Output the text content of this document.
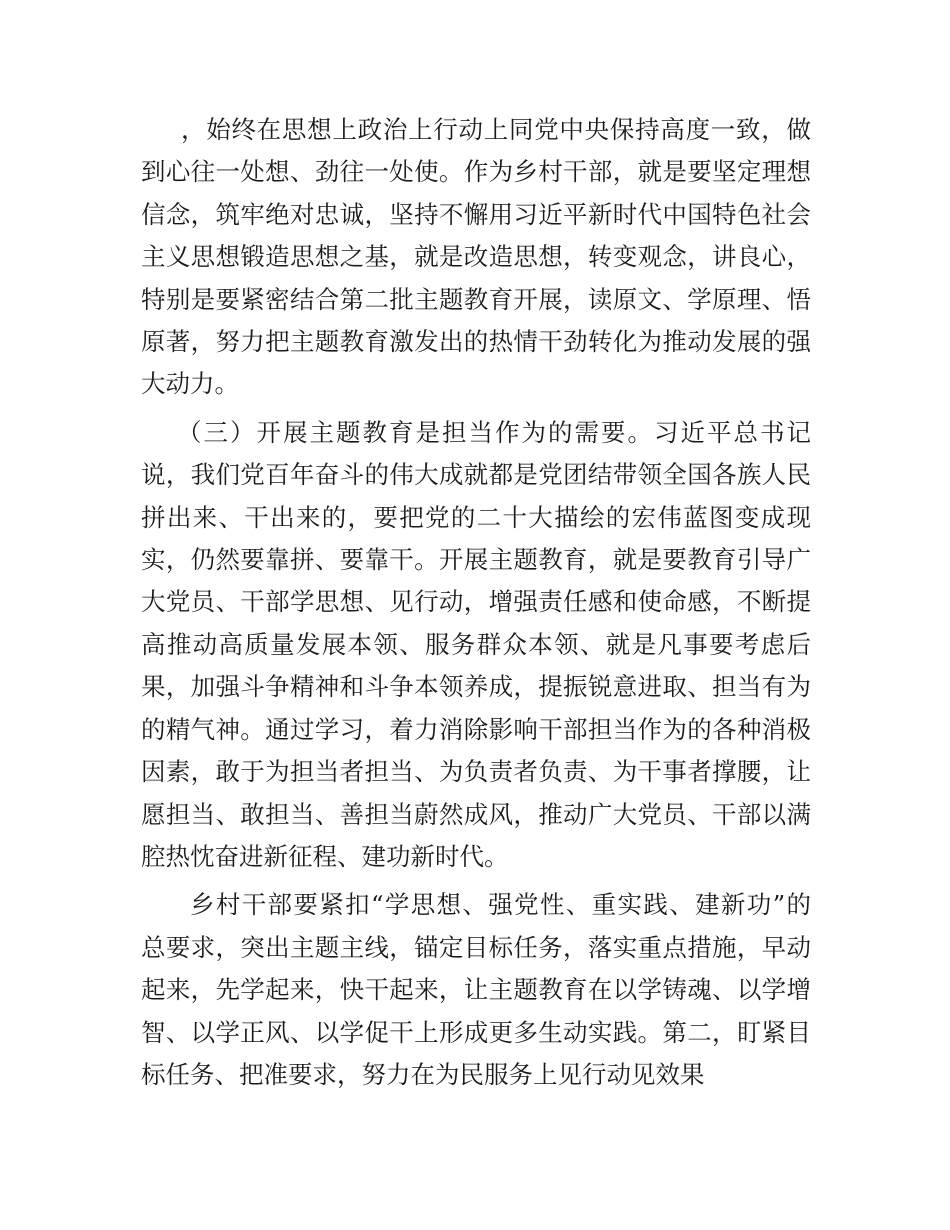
，始终在思想上政治上行动上同党中央保持高度一致，做
到心往一处想、劲往一处使。作为乡村干部，就是要坚定理想
信念，筑牢绝对忠诚，坚持不懈用习近平新时代中国特色社会
主义思想锻造思想之基，就是改造思想，转变观念，讲良心，
特别是要紧密结合第二批主题教育开展，读原文、学原理、悟
原著，努力把主题教育激发出的热情干劲转化为推动发展的强
大动力。
（三）开展主题教育是担当作为的需要。习近平总书记
说，我们党百年奋斗的伟大成就都是党团结带领全国各族人民
拼出来、干出来的，要把党的二十大描绘的宏伟蓝图变成现
实，仍然要靠拼、要靠干。开展主题教育，就是要教育引导广
大党员、干部学思想、见行动，增强责任感和使命感，不断提
高推动高质量发展本领、服务群众本领、就是凡事要考虑后
果，加强斗争精神和斗争本领养成，提振锐意进取、担当有为
的精气神。通过学习，着力消除影响干部担当作为的各种消极
因素，敢于为担当者担当、为负责者负责、为干事者撑腰，让
愿担当、敢担当、善担当蔚然成风，推动广大党员、干部以满
腔热忱奋进新征程、建功新时代。
乡村干部要紧扣“学思想、强党性、重实践、建新功”的
总要求，突出主题主线，锚定目标任务，落实重点措施，早动
起来，先学起来，快干起来，让主题教育在以学铸魂、以学增
智、以学正风、以学促干上形成更多生动实践。第二，盯紧目
标任务、把准要求，努力在为民服务上见行动见效果
